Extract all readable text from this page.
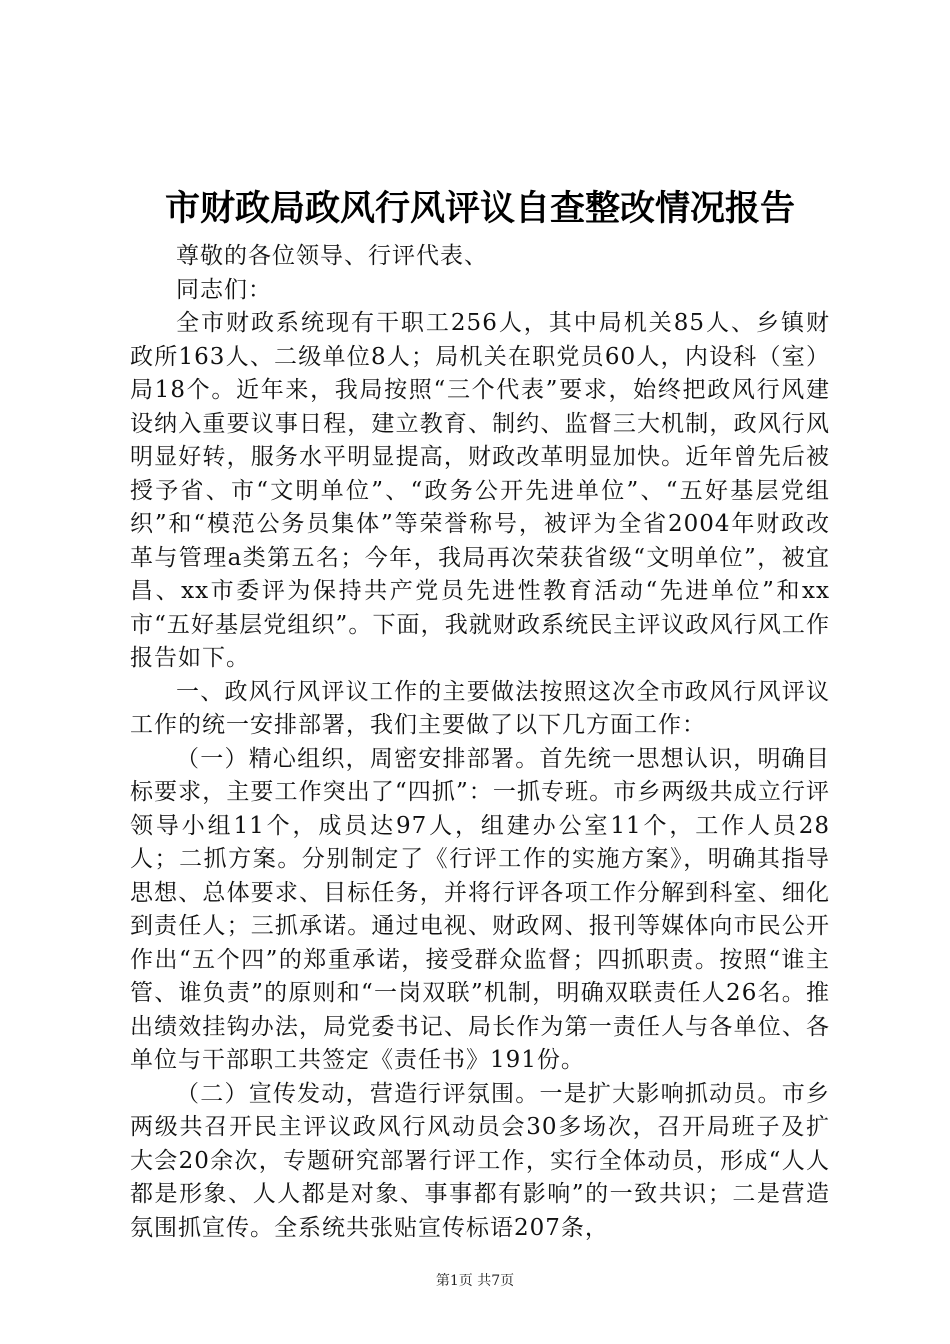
市财政局政风行风评议自查整改情况报告

尊敬的各位领导、行评代表、

同志们：

全市财政系统现有干职工256人，其中局机关85人、乡镇财政所163人、二级单位8人；局机关在职党员60人，内设科（室）局18个。近年来，我局按照“三个代表”要求，始终把政风行风建设纳入重要议事日程，建立教育、制约、监督三大机制，政风行风明显好转，服务水平明显提高，财政改革明显加快。近年曾先后被授予省、市“文明单位”、“政务公开先进单位”、“五好基层党组织”和“模范公务员集体”等荣誉称号，被评为全省2004年财政改革与管理a类第五名；今年，我局再次荣获省级“文明单位”，被宜昌、xx市委评为保持共产党员先进性教育活动“先进单位”和xx市“五好基层党组织”。下面，我就财政系统民主评议政风行风工作报告如下。

一、政风行风评议工作的主要做法按照这次全市政风行风评议工作的统一安排部署，我们主要做了以下几方面工作：

（一）精心组织，周密安排部署。首先统一思想认识，明确目标要求，主要工作突出了“四抓”：一抓专班。市乡两级共成立行评领导小组11个，成员达97人，组建办公室11个，工作人员28人；二抓方案。分别制定了《行评工作的实施方案》，明确其指导思想、总体要求、目标任务，并将行评各项工作分解到科室、细化到责任人；三抓承诺。通过电视、财政网、报刊等媒体向市民公开作出“五个四”的郑重承诺，接受群众监督；四抓职责。按照“谁主管、谁负责”的原则和“一岗双联”机制，明确双联责任人26名。推出绩效挂钩办法，局党委书记、局长作为第一责任人与各单位、各单位与干部职工共签定《责任书》191份。

（二）宣传发动，营造行评氛围。一是扩大影响抓动员。市乡两级共召开民主评议政风行风动员会30多场次，召开局班子及扩大会20余次，专题研究部署行评工作，实行全体动员，形成“人人都是形象、人人都是对象、事事都有影响”的一致共识；二是营造氛围抓宣传。全系统共张贴宣传标语207条，

第1页 共7页
